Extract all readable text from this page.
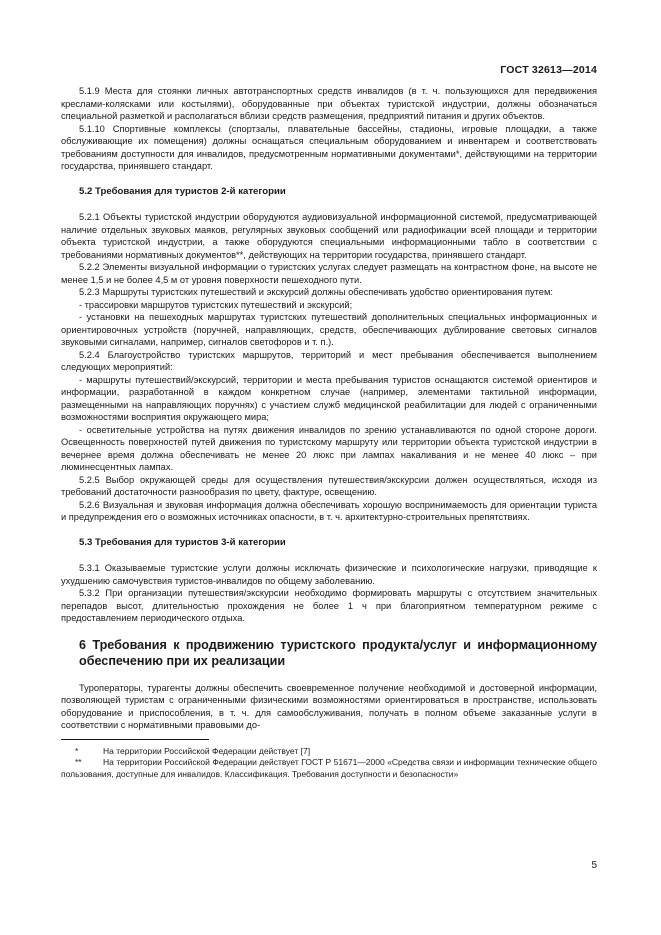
ГОСТ 32613—2014

5.1.9 Места для стоянки личных автотранспортных средств инвалидов (в т. ч. пользующихся для передвижения креслами-колясками или костылями), оборудованные при объектах туристской индустрии, должны обозначаться специальной разметкой и располагаться вблизи средств размещения, предприятий питания и других объектов.

5.1.10 Спортивные комплексы (спортзалы, плавательные бассейны, стадионы, игровые площадки, а также обслуживающие их помещения) должны оснащаться специальным оборудованием и инвентарем и соответствовать требованиям доступности для инвалидов, предусмотренным нормативными документами*, действующими на территории государства, принявшего стандарт.

5.2 Требования для туристов 2-й категории

5.2.1 Объекты туристской индустрии оборудуются аудиовизуальной информационной системой, предусматривающей наличие отдельных звуковых маяков, регулярных звуковых сообщений или радиофикации всей площади и территории объекта туристской индустрии, а также оборудуются специальными информационными табло в соответствии с требованиями нормативных документов**, действующих на территории государства, принявшего стандарт.

5.2.2 Элементы визуальной информации о туристских услугах следует размещать на контрастном фоне, на высоте не менее 1,5 и не более 4,5 м от уровня поверхности пешеходного пути.

5.2.3 Маршруты туристских путешествий и экскурсий должны обеспечивать удобство ориентирования путем:

- трассировки маршрутов туристских путешествий и экскурсий;

- установки на пешеходных маршрутах туристских путешествий дополнительных специальных информационных и ориентировочных устройств (поручней, направляющих, средств, обеспечивающих дублирование световых сигналов звуковыми сигналами, например, сигналов светофоров и т. п.).

5.2.4 Благоустройство туристских маршрутов, территорий и мест пребывания обеспечивается выполнением следующих мероприятий:

- маршруты путешествий/экскурсий, территории и места пребывания туристов оснащаются системой ориентиров и информации, разработанной в каждом конкретном случае (например, элементами тактильной информации, размещенными на направляющих поручнях) с участием служб медицинской реабилитации для людей с ограниченными возможностями восприятия окружающего мира;

- осветительные устройства на путях движения инвалидов по зрению устанавливаются по одной стороне дороги. Освещенность поверхностей путей движения по туристскому маршруту или территории объекта туристской индустрии в вечернее время должна обеспечивать не менее 20 люкс при лампах накаливания и не менее 40 люкс – при люминесцентных лампах.

5.2.5 Выбор окружающей среды для осуществления путешествия/экскурсии должен осуществляться, исходя из требований достаточности разнообразия по цвету, фактуре, освещению.

5.2.6 Визуальная и звуковая информация должна обеспечивать хорошую воспринимаемость для ориентации туриста и предупреждения его о возможных источниках опасности, в т. ч. архитектурно-строительных препятствиях.

5.3 Требования для туристов 3-й категории

5.3.1 Оказываемые туристские услуги должны исключать физические и психологические нагрузки, приводящие к ухудшению самочувствия туристов-инвалидов по общему заболеванию.

5.3.2 При организации путешествия/экскурсии необходимо формировать маршруты с отсутствием значительных перепадов высот, длительностью прохождения не более 1 ч при благоприятном температурном режиме с предоставлением периодического отдыха.

6 Требования к продвижению туристского продукта/услуг и информационному обеспечению при их реализации

Туроператоры, турагенты должны обеспечить своевременное получение необходимой и достоверной информации, позволяющей туристам с ограниченными физическими возможностями ориентироваться в пространстве, использовать оборудование и приспособления, в т. ч. для самообслуживания, получать в полном объеме заказанные услуги в соответствии с нормативными правовыми до-

*	На территории Российской Федерации действует [7]

**	На территории Российской Федерации действует ГОСТ Р 51671—2000 «Средства связи и информации технические общего пользования, доступные для инвалидов. Классификация. Требования доступности и безопасности»

5
